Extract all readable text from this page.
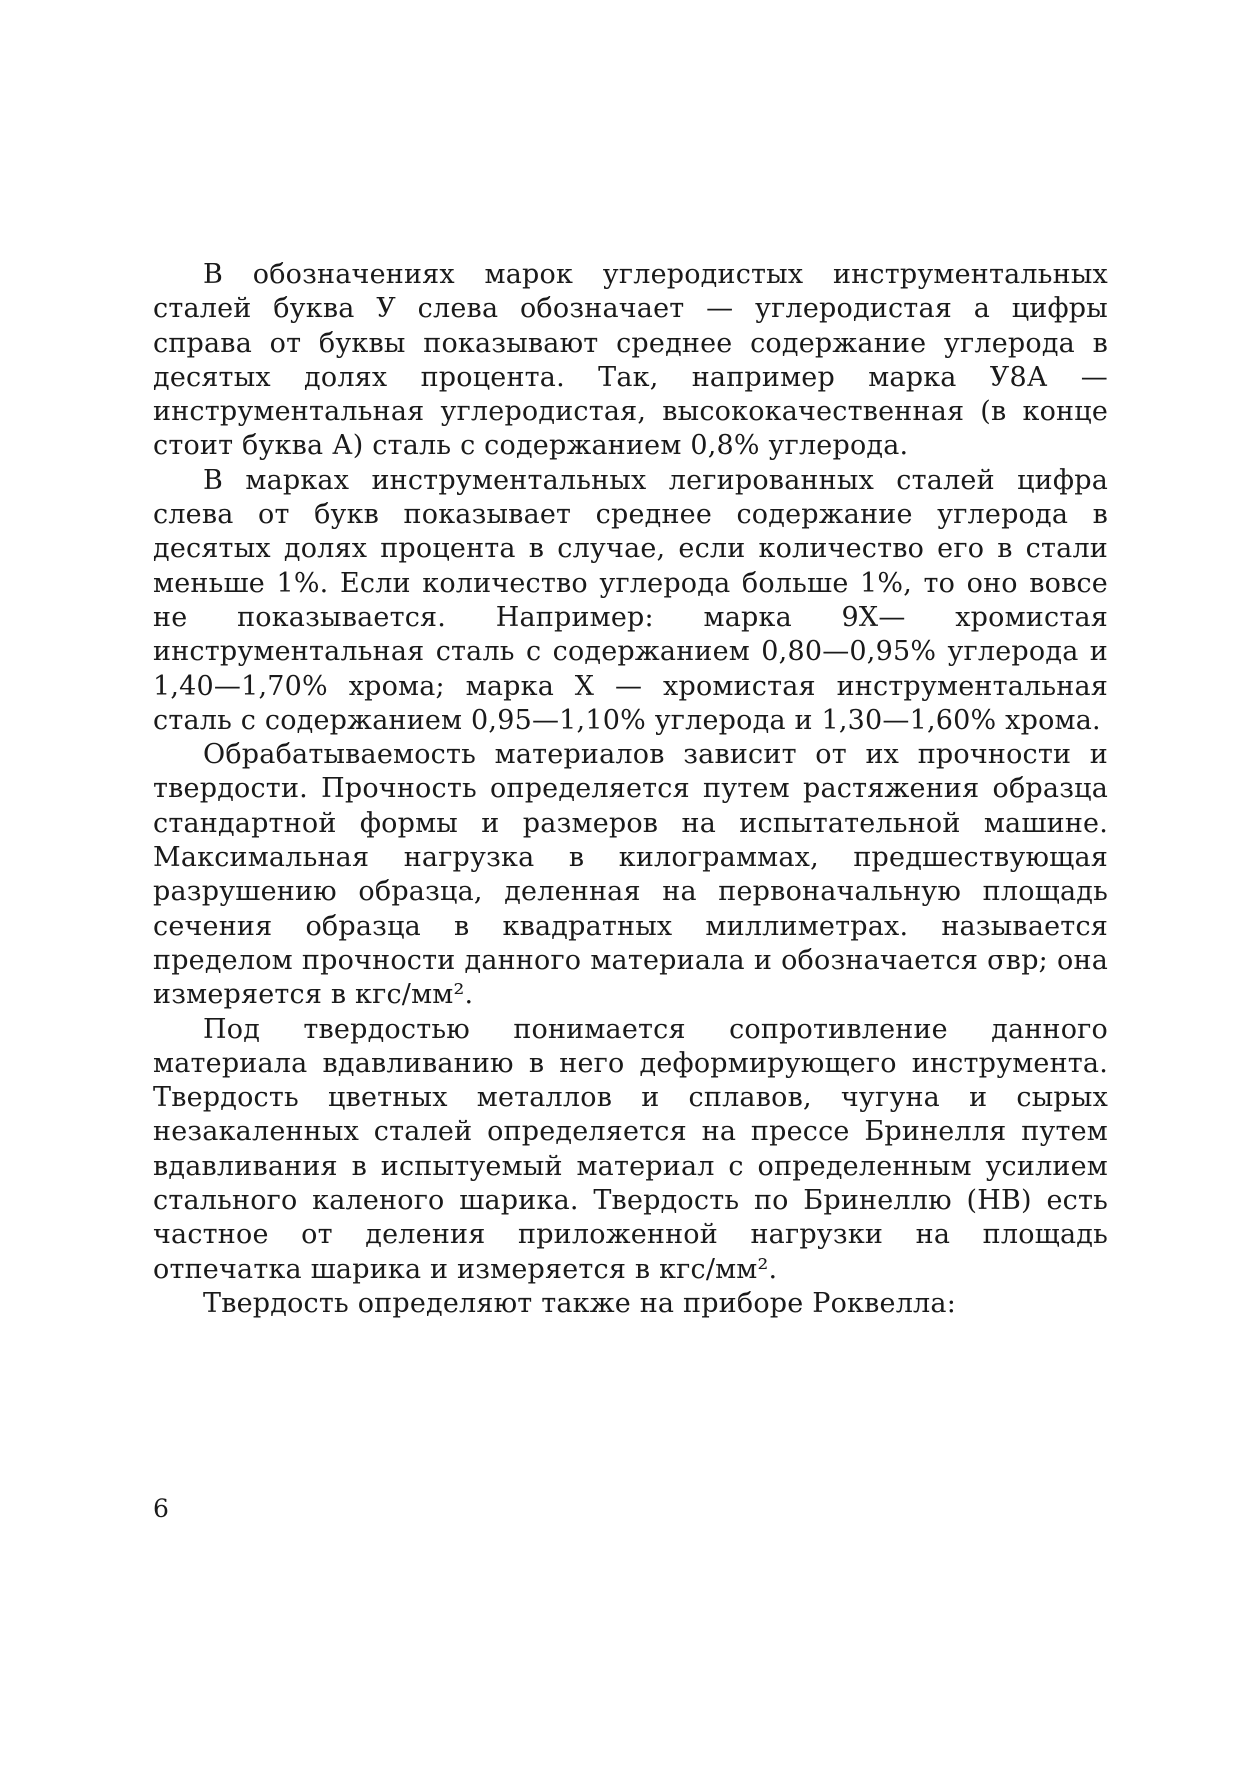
В обозначениях марок углеродистых инструментальных сталей буква У слева обозначает — углеродистая а цифры справа от буквы показывают среднее содержание углерода в десятых долях процента. Так, например марка У8А — инструментальная углеродистая, высококачественная (в конце стоит буква А) сталь с содержанием 0,8% углерода.

В марках инструментальных легированных сталей цифра слева от букв показывает среднее содержание углерода в десятых долях процента в случае, если количество его в стали меньше 1%. Если количество углерода больше 1%, то оно вовсе не показывается. Например: марка 9Х— хромистая инструментальная сталь с содержанием 0,80—0,95% углерода и 1,40—1,70% хрома; марка Х — хромистая инструментальная сталь с содержанием 0,95—1,10% углерода и 1,30—1,60% хрома.

Обрабатываемость материалов зависит от их прочности и твердости. Прочность определяется путем растяжения образца стандартной формы и размеров на испытательной машине. Максимальная нагрузка в килограммах, предшествующая разрушению образца, деленная на первоначальную площадь сечения образца в квадратных миллиметрах. называется пределом прочности данного материала и обозначается σвр; она измеряется в кгс/мм².

Под твердостью понимается сопротивление данного материала вдавливанию в него деформирующего инструмента. Твердость цветных металлов и сплавов, чугуна и сырых незакаленных сталей определяется на прессе Бринелля путем вдавливания в испытуемый материал с определенным усилием стального каленого шарика. Твердость по Бринеллю (НВ) есть частное от деления приложенной нагрузки на площадь отпечатка шарика и измеряется в кгс/мм².

Твердость определяют также на приборе Роквелла:

6
